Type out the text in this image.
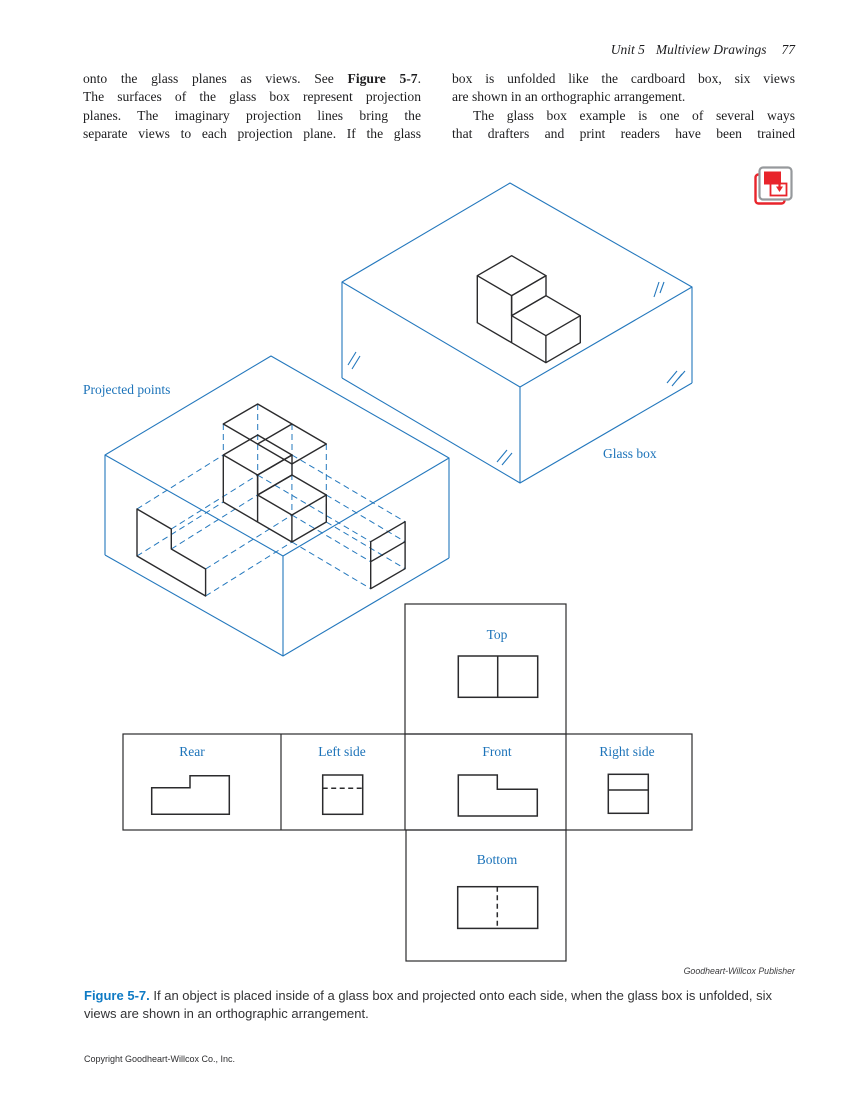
Unit 5 Multiview Drawings 77
onto the glass planes as views. See Figure 5-7.
The surfaces of the glass box represent projection
planes. The imaginary projection lines bring the
separate views to each projection plane. If the glass
box is unfolded like the cardboard box, six views
are shown in an orthographic arrangement.
The glass box example is one of several ways
that drafters and print readers have been trained
Projected points
Glass box
Top
Rear	Left side	Front	Right side
Bottom
Goodheart-Willcox Publisher
Figure 5-7. If an object is placed inside of a glass box and projected onto each side, when the glass box is unfolded, six views are shown in an orthographic arrangement.
Copyright Goodheart-Willcox Co., Inc.
